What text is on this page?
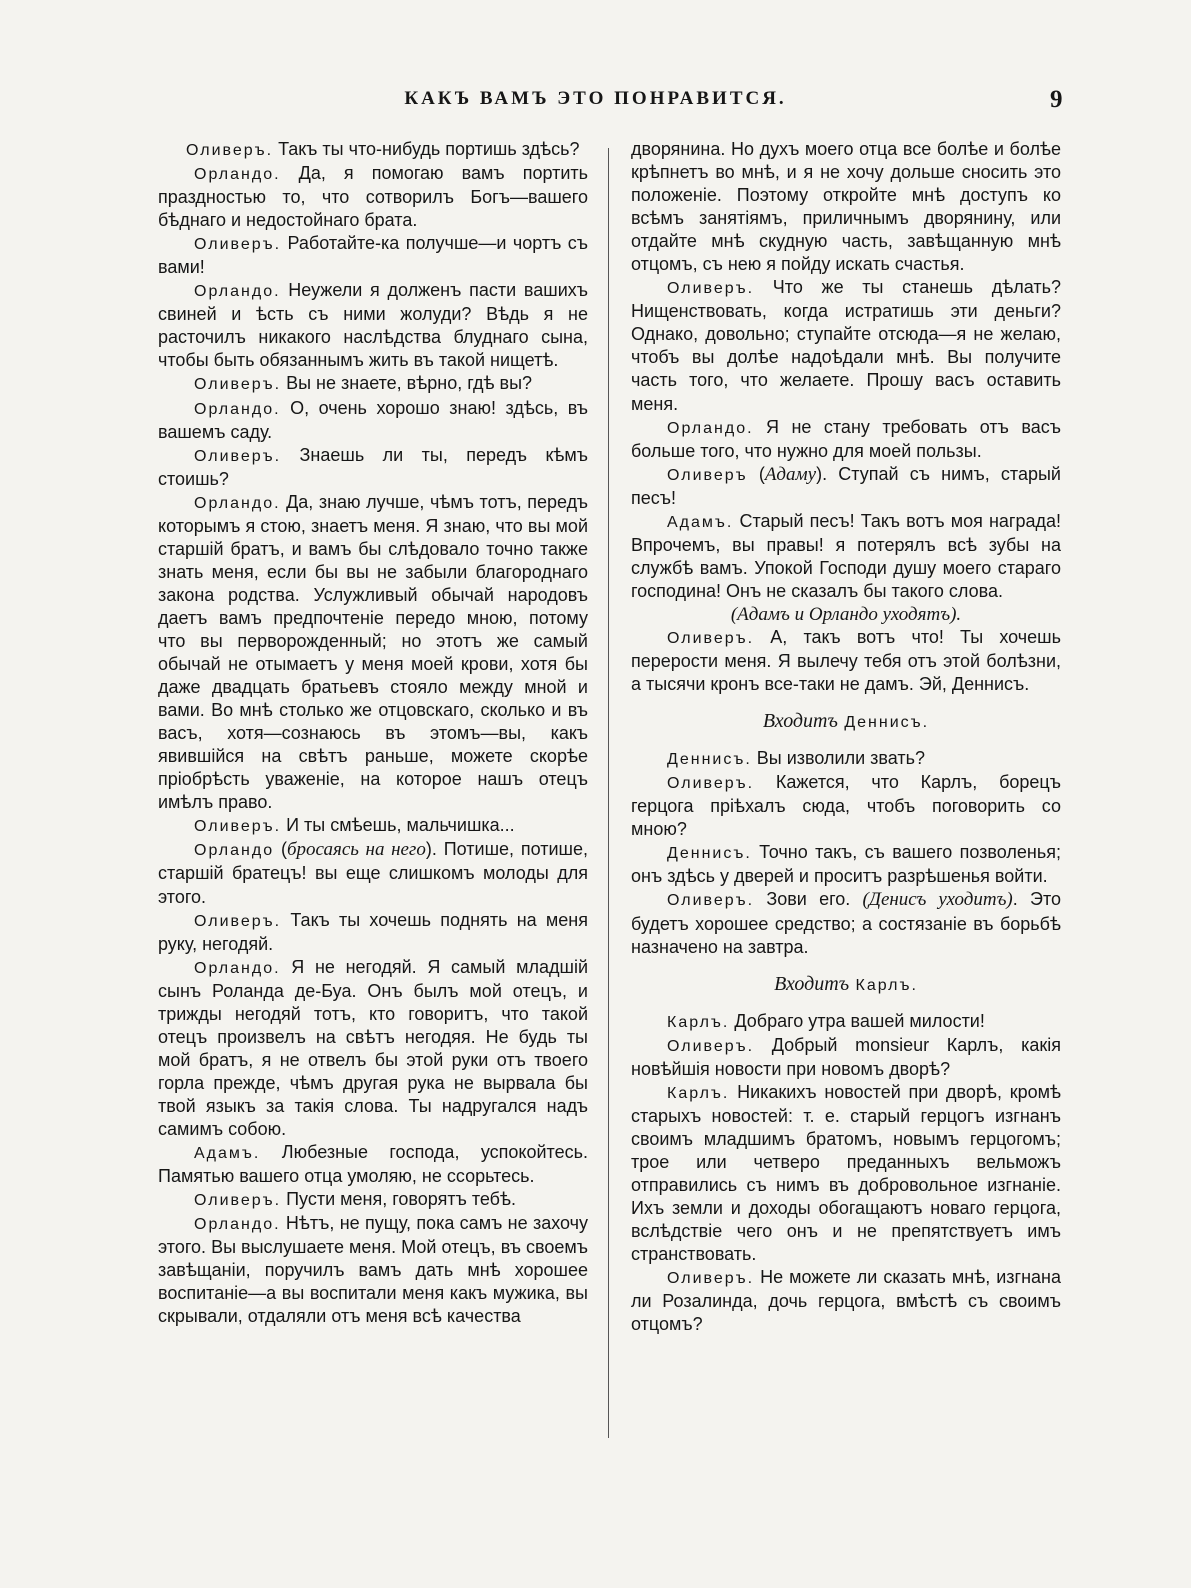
КАКЪ ВАМЪ ЭТО ПОНРАВИТСЯ.	9

Оливеръ. Такъ ты что-нибудь портишь здѣсь?

Орландо. Да, я помогаю вамъ портить праздностью то, что сотворилъ Богъ—вашего бѣднаго и недостойнаго брата.

Оливеръ. Работайте-ка получше—и чортъ съ вами!

Орландо. Неужели я долженъ пасти вашихъ свиней и ѣсть съ ними жолуди? Вѣдь я не расточилъ никакого наслѣдства блуднаго сына, чтобы быть обязаннымъ жить въ такой нищетѣ.

Оливеръ. Вы не знаете, вѣрно, гдѣ вы?

Орландо. О, очень хорошо знаю! здѣсь, въ вашемъ саду.

Оливеръ. Знаешь ли ты, передъ кѣмъ стоишь?

Орландо. Да, знаю лучше, чѣмъ тотъ, передъ которымъ я стою, знаетъ меня. Я знаю, что вы мой старшій братъ, и вамъ бы слѣдовало точно также знать меня, если бы вы не забыли благороднаго закона родства. Услужливый обычай народовъ даетъ вамъ предпочтеніе передо мною, потому что вы перворожденный; но этотъ же самый обычай не отымаетъ у меня моей крови, хотя бы даже двадцать братьевъ стояло между мной и вами. Во мнѣ столько же отцовскаго, сколько и въ васъ, хотя—сознаюсь въ этомъ—вы, какъ явившійся на свѣтъ раньше, можете скорѣе пріобрѣсть уваженіе, на которое нашъ отецъ имѣлъ право.

Оливеръ. И ты смѣешь, мальчишка...

Орландо (бросаясь на него). Потише, потише, старшій братецъ! вы еще слишкомъ молоды для этого.

Оливеръ. Такъ ты хочешь поднять на меня руку, негодяй.

Орландо. Я не негодяй. Я самый младшій сынъ Роланда де-Буа. Онъ былъ мой отецъ, и трижды негодяй тотъ, кто говоритъ, что такой отецъ произвелъ на свѣтъ негодяя. Не будь ты мой братъ, я не отвелъ бы этой руки отъ твоего горла прежде, чѣмъ другая рука не вырвала бы твой языкъ за такія слова. Ты надругался надъ самимъ собою.

Адамъ. Любезные господа, успокойтесь. Памятью вашего отца умоляю, не ссорьтесь.

Оливеръ. Пусти меня, говорятъ тебѣ.

Орландо. Нѣтъ, не пущу, пока самъ не захочу этого. Вы выслушаете меня. Мой отецъ, въ своемъ завѣщаніи, поручилъ вамъ дать мнѣ хорошее воспитаніе—а вы воспитали меня какъ мужика, вы скрывали, отдаляли отъ меня всѣ качества

дворянина. Но духъ моего отца все болѣе и болѣе крѣпнетъ во мнѣ, и я не хочу дольше сносить это положеніе. Поэтому откройте мнѣ доступъ ко всѣмъ занятіямъ, приличнымъ дворянину, или отдайте мнѣ скудную часть, завѣщанную мнѣ отцомъ, съ нею я пойду искать счастья.

Оливеръ. Что же ты станешь дѣлать? Нищенствовать, когда истратишь эти деньги? Однако, довольно; ступайте отсюда—я не желаю, чтобъ вы долѣе надоѣдали мнѣ. Вы получите часть того, что желаете. Прошу васъ оставить меня.

Орландо. Я не стану требовать отъ васъ больше того, что нужно для моей пользы.

Оливеръ (Адаму). Ступай съ нимъ, старый песъ!

Адамъ. Старый песъ! Такъ вотъ моя награда! Впрочемъ, вы правы! я потерялъ всѣ зубы на службѣ вамъ. Упокой Господи душу моего стараго господина! Онъ не сказалъ бы такого слова.

(Адамъ и Орландо уходятъ).

Оливеръ. А, такъ вотъ что! Ты хочешь перерости меня. Я вылечу тебя отъ этой болѣзни, а тысячи кронъ все-таки не дамъ. Эй, Деннисъ.

Входитъ Деннисъ.

Деннисъ. Вы изволили звать?

Оливеръ. Кажется, что Карлъ, борецъ герцога пріѣхалъ сюда, чтобъ поговорить со мною?

Деннисъ. Точно такъ, съ вашего позволенья; онъ здѣсь у дверей и проситъ разрѣшенья войти.

Оливеръ. Зови его. (Денисъ уходитъ). Это будетъ хорошее средство; а состязаніе въ борьбѣ назначено на завтра.

Входитъ Карлъ.

Карлъ. Добраго утра вашей милости!

Оливеръ. Добрый monsieur Карлъ, какія новѣйшія новости при новомъ дворѣ?

Карлъ. Никакихъ новостей при дворѣ, кромѣ старыхъ новостей: т. е. старый герцогъ изгнанъ своимъ младшимъ братомъ, новымъ герцогомъ; трое или четверо преданныхъ вельможъ отправились съ нимъ въ добровольное изгнаніе. Ихъ земли и доходы обогащаютъ новаго герцога, вслѣдствіе чего онъ и не препятствуетъ имъ странствовать.

Оливеръ. Не можете ли сказать мнѣ, изгнана ли Розалинда, дочь герцога, вмѣстѣ съ своимъ отцомъ?
